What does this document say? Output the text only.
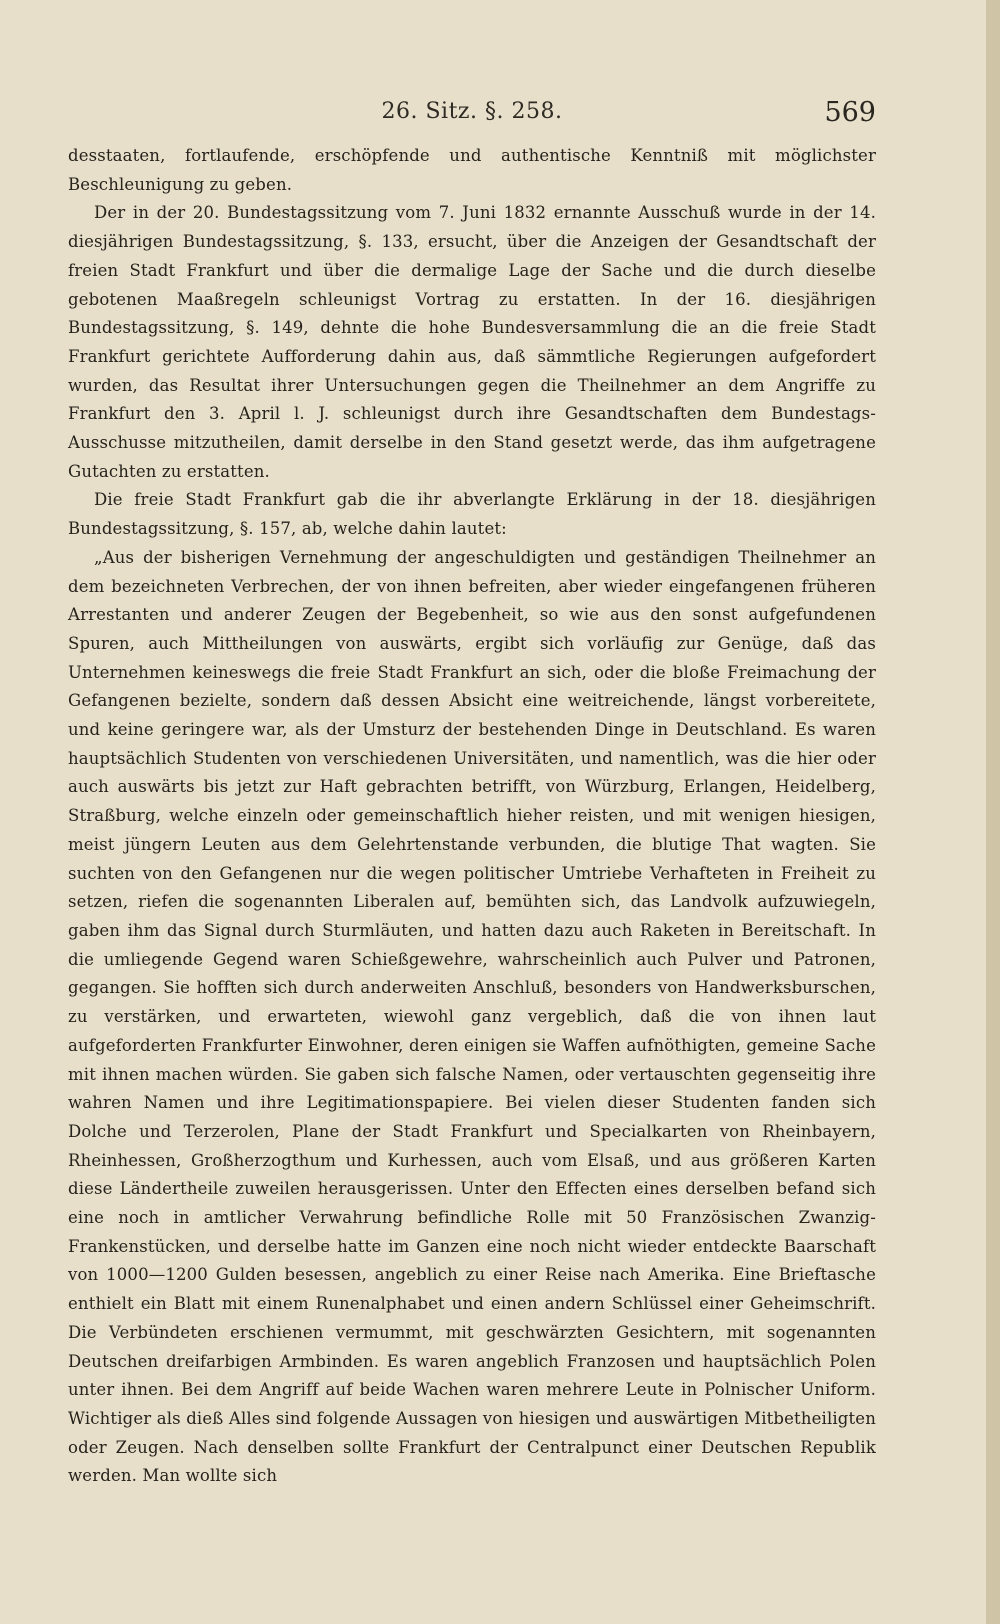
26. Sitz. §. 258.	569

desstaaten, fortlaufende, erschöpfende und authentische Kenntniß mit möglichster Beschleunigung zu geben.

Der in der 20. Bundestagssitzung vom 7. Juni 1832 ernannte Ausschuß wurde in der 14. diesjährigen Bundestagssitzung, §. 133, ersucht, über die Anzeigen der Gesandtschaft der freien Stadt Frankfurt und über die dermalige Lage der Sache und die durch dieselbe gebotenen Maaßregeln schleunigst Vortrag zu erstatten. In der 16. diesjährigen Bundestagssitzung, §. 149, dehnte die hohe Bundesversammlung die an die freie Stadt Frankfurt gerichtete Aufforderung dahin aus, daß sämmtliche Regierungen aufgefordert wurden, das Resultat ihrer Untersuchungen gegen die Theilnehmer an dem Angriffe zu Frankfurt den 3. April l. J. schleunigst durch ihre Gesandtschaften dem Bundestags-Ausschusse mitzutheilen, damit derselbe in den Stand gesetzt werde, das ihm aufgetragene Gutachten zu erstatten.

Die freie Stadt Frankfurt gab die ihr abverlangte Erklärung in der 18. diesjährigen Bundestagssitzung, §. 157, ab, welche dahin lautet:

„Aus der bisherigen Vernehmung der angeschuldigten und geständigen Theilnehmer an dem bezeichneten Verbrechen, der von ihnen befreiten, aber wieder eingefangenen früheren Arrestanten und anderer Zeugen der Begebenheit, so wie aus den sonst aufgefundenen Spuren, auch Mittheilungen von auswärts, ergibt sich vorläufig zur Genüge, daß das Unternehmen keineswegs die freie Stadt Frankfurt an sich, oder die bloße Freimachung der Gefangenen bezielte, sondern daß dessen Absicht eine weitreichende, längst vorbereitete, und keine geringere war, als der Umsturz der bestehenden Dinge in Deutschland. Es waren hauptsächlich Studenten von verschiedenen Universitäten, und namentlich, was die hier oder auch auswärts bis jetzt zur Haft gebrachten betrifft, von Würzburg, Erlangen, Heidelberg, Straßburg, welche einzeln oder gemeinschaftlich hieher reisten, und mit wenigen hiesigen, meist jüngern Leuten aus dem Gelehrtenstande verbunden, die blutige That wagten. Sie suchten von den Gefangenen nur die wegen politischer Umtriebe Verhafteten in Freiheit zu setzen, riefen die sogenannten Liberalen auf, bemühten sich, das Landvolk aufzuwiegeln, gaben ihm das Signal durch Sturmläuten, und hatten dazu auch Raketen in Bereitschaft. In die umliegende Gegend waren Schießgewehre, wahrscheinlich auch Pulver und Patronen, gegangen. Sie hofften sich durch anderweiten Anschluß, besonders von Handwerksburschen, zu verstärken, und erwarteten, wiewohl ganz vergeblich, daß die von ihnen laut aufgeforderten Frankfurter Einwohner, deren einigen sie Waffen aufnöthigten, gemeine Sache mit ihnen machen würden. Sie gaben sich falsche Namen, oder vertauschten gegenseitig ihre wahren Namen und ihre Legitimationspapiere. Bei vielen dieser Studenten fanden sich Dolche und Terzerolen, Plane der Stadt Frankfurt und Specialkarten von Rheinbayern, Rheinhessen, Großherzogthum und Kurhessen, auch vom Elsaß, und aus größeren Karten diese Ländertheile zuweilen herausgerissen. Unter den Effecten eines derselben befand sich eine noch in amtlicher Verwahrung befindliche Rolle mit 50 Französischen Zwanzig-Frankenstücken, und derselbe hatte im Ganzen eine noch nicht wieder entdeckte Baarschaft von 1000—1200 Gulden besessen, angeblich zu einer Reise nach Amerika. Eine Brieftasche enthielt ein Blatt mit einem Runenalphabet und einen andern Schlüssel einer Geheimschrift. Die Verbündeten erschienen vermummt, mit geschwärzten Gesichtern, mit sogenannten Deutschen dreifarbigen Armbinden. Es waren angeblich Franzosen und hauptsächlich Polen unter ihnen. Bei dem Angriff auf beide Wachen waren mehrere Leute in Polnischer Uniform. Wichtiger als dieß Alles sind folgende Aussagen von hiesigen und auswärtigen Mitbetheiligten oder Zeugen. Nach denselben sollte Frankfurt der Centralpunct einer Deutschen Republik werden. Man wollte sich
